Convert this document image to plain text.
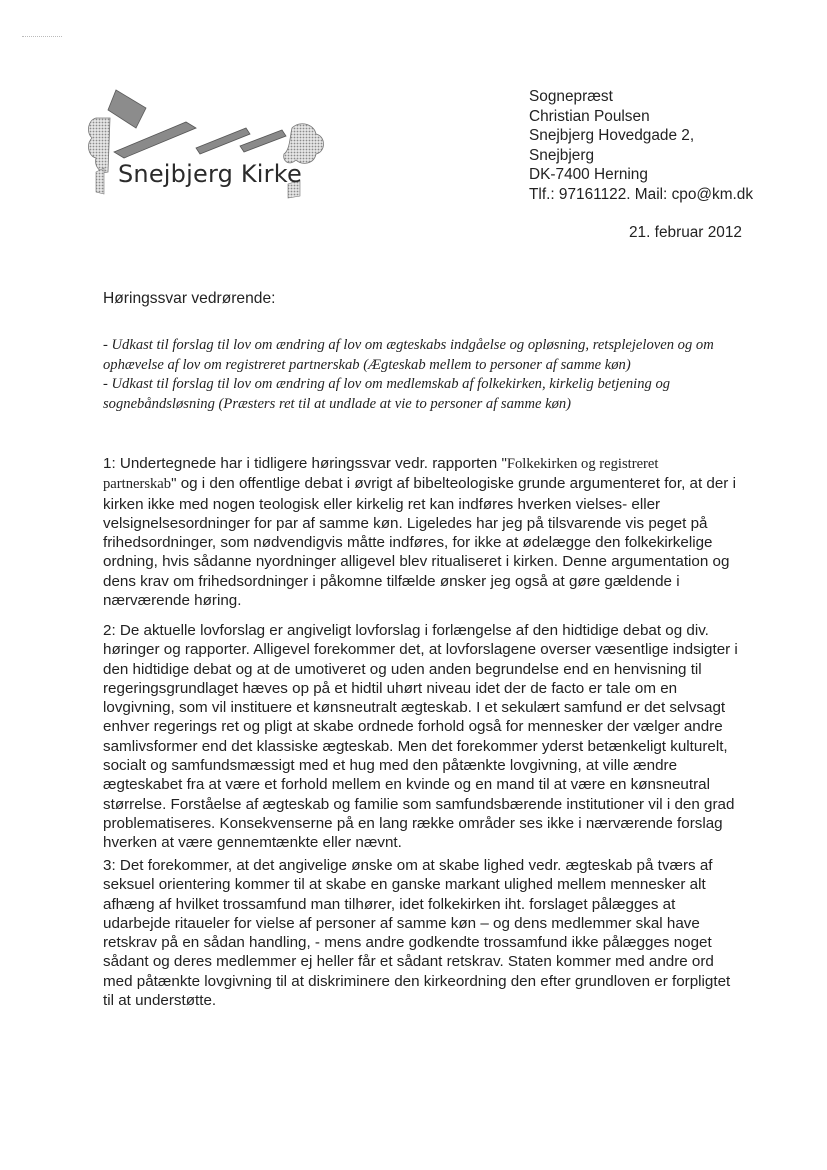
Snejbjerg Kirke
Sognepræst
Christian Poulsen
Snejbjerg Hovedgade 2,
Snejbjerg
DK-7400 Herning
Tlf.: 97161122. Mail: cpo@km.dk
21. februar 2012
Høringssvar vedrørende:
- Udkast til forslag til lov om ændring af lov om ægteskabs indgåelse og opløsning, retsplejeloven og om
ophævelse af lov om registreret partnerskab (Ægteskab mellem to personer af samme køn)
- Udkast til forslag til lov om ændring af lov om medlemskab af folkekirken, kirkelig betjening og
sognebåndsløsning (Præsters ret til at undlade at vie to personer af samme køn)
1: Undertegnede har i tidligere høringssvar vedr. rapporten "Folkekirken og registreret
partnerskab" og i den offentlige debat i øvrigt af bibelteologiske grunde argumenteret for, at der i
kirken ikke med nogen teologisk eller kirkelig ret kan indføres hverken vielses- eller
velsignelsesordninger for par af samme køn. Ligeledes har jeg på tilsvarende vis peget på
frihedsordninger, som nødvendigvis måtte indføres, for ikke at ødelægge den folkekirkelige
ordning, hvis sådanne nyordninger alligevel blev ritualiseret i kirken. Denne argumentation og
dens krav om frihedsordninger i påkomne tilfælde ønsker jeg også at gøre gældende i
nærværende høring.
2: De aktuelle lovforslag er angiveligt lovforslag i forlængelse af den hidtidige debat og div.
høringer og rapporter. Alligevel forekommer det, at lovforslagene overser væsentlige indsigter i
den hidtidige debat og at de umotiveret og uden anden begrundelse end en henvisning til
regeringsgrundlaget hæves op på et hidtil uhørt niveau idet der de facto er tale om en
lovgivning, som vil instituere et kønsneutralt ægteskab. I et sekulært samfund er det selvsagt
enhver regerings ret og pligt at skabe ordnede forhold også for mennesker der vælger andre
samlivsformer end det klassiske ægteskab. Men det forekommer yderst betænkeligt kulturelt,
socialt og samfundsmæssigt med et hug med den påtænkte lovgivning, at ville ændre
ægteskabet fra at være et forhold mellem en kvinde og en mand til at være en kønsneutral
størrelse. Forståelse af ægteskab og familie som samfundsbærende institutioner vil i den grad
problematiseres. Konsekvenserne på en lang række områder ses ikke i nærværende forslag
hverken at være gennemtænkte eller nævnt.
3: Det forekommer, at det angivelige ønske om at skabe lighed vedr. ægteskab på tværs af
seksuel orientering kommer til at skabe en ganske markant ulighed mellem mennesker alt
afhæng af hvilket trossamfund man tilhører, idet folkekirken iht. forslaget pålægges at
udarbejde ritaueler for vielse af personer af samme køn – og dens medlemmer skal have
retskrav på en sådan handling, - mens andre godkendte trossamfund ikke pålægges noget
sådant og deres medlemmer ej heller får et sådant retskrav. Staten kommer med andre ord
med påtænkte lovgivning til at diskriminere den kirkeordning den efter grundloven er forpligtet
til at understøtte.
